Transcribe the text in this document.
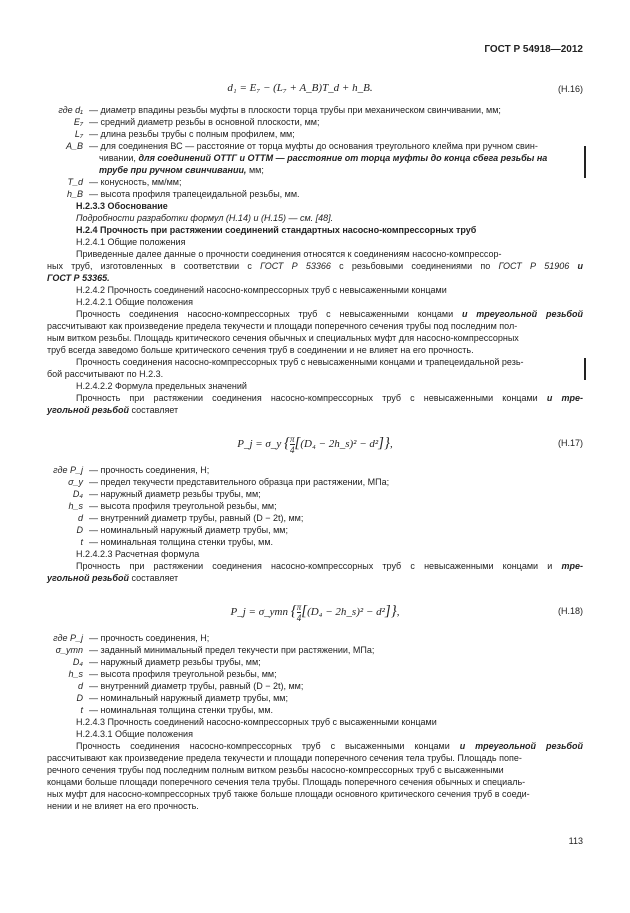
ГОСТ Р 54918—2012
d₁ = E₇ − (L₇ + A_B)T_d + h_B.	(Н.16)
где d₁ — диаметр впадины резьбы муфты в плоскости торца трубы при механическом свинчивании, мм;
E₇ — средний диаметр резьбы в основной плоскости, мм;
L₇ — длина резьбы трубы с полным профилем, мм;
A_B — для соединения ВС — расстояние от торца муфты до основания треугольного клейма при ручном свин-
чивании, для соединений ОТТГ и ОТТМ — расстояние от торца муфты до конца сбега резьбы на
трубе при ручном свинчивании, мм;
T_d — конусность, мм/мм;
h_B — высота профиля трапецеидальной резьбы, мм.
Н.2.3.3 Обоснование
Подробности разработки формул (Н.14) и (Н.15) — см. [48].
Н.2.4 Прочность при растяжении соединений стандартных насосно-компрессорных труб
Н.2.4.1 Общие положения
Приведенные далее данные о прочности соединения относятся к соединениям насосно-компрессор-
ных труб, изготовленных в соответствии с ГОСТ Р 53366 с резьбовыми соединениями по ГОСТ Р 51906 и
ГОСТ Р 53365.
Н.2.4.2 Прочность соединений насосно-компрессорных труб с невысаженными концами
Н.2.4.2.1 Общие положения
Прочность соединения насосно-компрессорных труб с невысаженными концами и треугольной резьбой
рассчитывают как произведение предела текучести и площади поперечного сечения трубы под последним пол-
ным витком резьбы. Площадь критического сечения обычных и специальных муфт для насосно-компрессорных
труб всегда заведомо больше критического сечения труб в соединении и не влияет на его прочность.
Прочность соединения насосно-компрессорных труб с невысаженными концами и трапецеидальной резь-
бой рассчитывают по Н.2.3.
Н.2.4.2.2 Формула предельных значений
Прочность при растяжении соединения насосно-компрессорных труб с невысаженными концами и тре-
угольной резьбой составляет
P_j = σ_y { $\frac{\pi}{4} [(D_4$ − 2h_s)² − d²]},	(Н.17)
где P_j — прочность соединения, Н;
σ_y — предел текучести представительного образца при растяжении, МПа;
D₄ — наружный диаметр резьбы трубы, мм;
h_s — высота профиля треугольной резьбы, мм;
d — внутренний диаметр трубы, равный (D − 2t), мм;
D — номинальный наружный диаметр трубы, мм;
t — номинальная толщина стенки трубы, мм.
Н.2.4.2.3 Расчетная формула
Прочность при растяжении соединения насосно-компрессорных труб с невысаженными концами и тре-
угольной резьбой составляет
P_j = σ_ymn { $\frac{\pi}{4} [(D_4$ − 2h_s)² − d²]},	(Н.18)
где P_j — прочность соединения, Н;
σ_ymn — заданный минимальный предел текучести при растяжении, МПа;
D₄ — наружный диаметр резьбы трубы, мм;
h_s — высота профиля треугольной резьбы, мм;
d — внутренний диаметр трубы, равный (D − 2t), мм;
D — номинальный наружный диаметр трубы, мм;
t — номинальная толщина стенки трубы, мм.
Н.2.4.3 Прочность соединений насосно-компрессорных труб с высаженными концами
Н.2.4.3.1 Общие положения
Прочность соединения насосно-компрессорных труб с высаженными концами и треугольной резьбой
рассчитывают как произведение предела текучести и площади поперечного сечения тела трубы. Площадь попе-
речного сечения трубы под последним полным витком резьбы насосно-компрессорных труб с высаженными
концами больше площади поперечного сечения тела трубы. Площадь поперечного сечения обычных и специаль-
ных муфт для насосно-компрессорных труб также больше площади основного критического сечения труб в соеди-
нении и не влияет на его прочность.
113
